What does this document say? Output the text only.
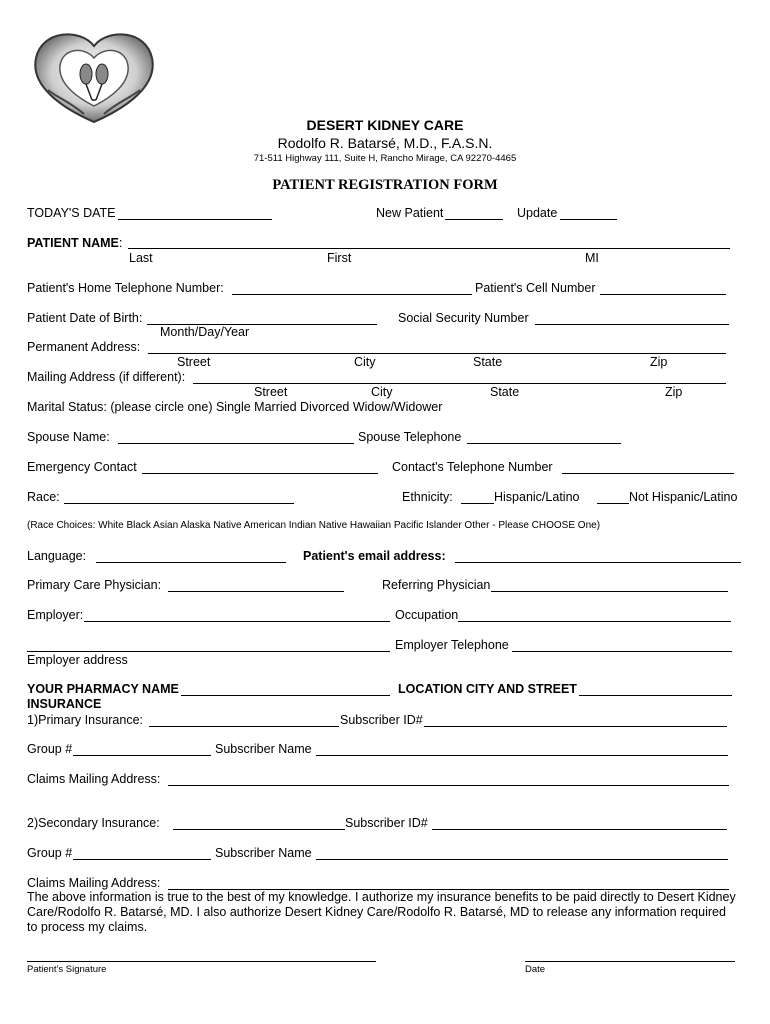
DESERT KIDNEY CARE
Rodolfo R. Batarsé, M.D., F.A.S.N.
71-511 Highway 111, Suite H, Rancho Mirage, CA 92270-4465
PATIENT REGISTRATION FORM
TODAY'S DATE	New Patient	Update
PATIENT NAME:
Last	First	MI
Patient's Home Telephone Number:	Patient's Cell Number
Patient Date of Birth:	Social Security Number
Month/Day/Year
Permanent Address:
Street	City	State	Zip
Mailing Address (if different):
Street	City	State	Zip
Marital Status: (please circle one) Single Married Divorced Widow/Widower
Spouse Name:	Spouse Telephone
Emergency Contact	Contact's Telephone Number
Race:	Ethnicity:	Hispanic/Latino	Not Hispanic/Latino
(Race Choices: White Black Asian Alaska Native American Indian Native Hawaiian Pacific Islander Other - Please CHOOSE One)
Language:	Patient's email address:
Primary Care Physician:	Referring Physician
Employer:	Occupation
Employer Telephone
Employer address
YOUR PHARMACY NAME	LOCATION CITY AND STREET
INSURANCE
1)Primary Insurance:	Subscriber ID#
Group #	Subscriber Name
Claims Mailing Address:
2)Secondary Insurance:	Subscriber ID#
Group #	Subscriber Name
Claims Mailing Address:
The above information is true to the best of my knowledge. I authorize my insurance benefits to be paid directly to Desert Kidney
Care/Rodolfo R. Batarsé, MD. I also authorize Desert Kidney Care/Rodolfo R. Batarsé, MD to release any information required
to process my claims.
Patient's Signature	Date
